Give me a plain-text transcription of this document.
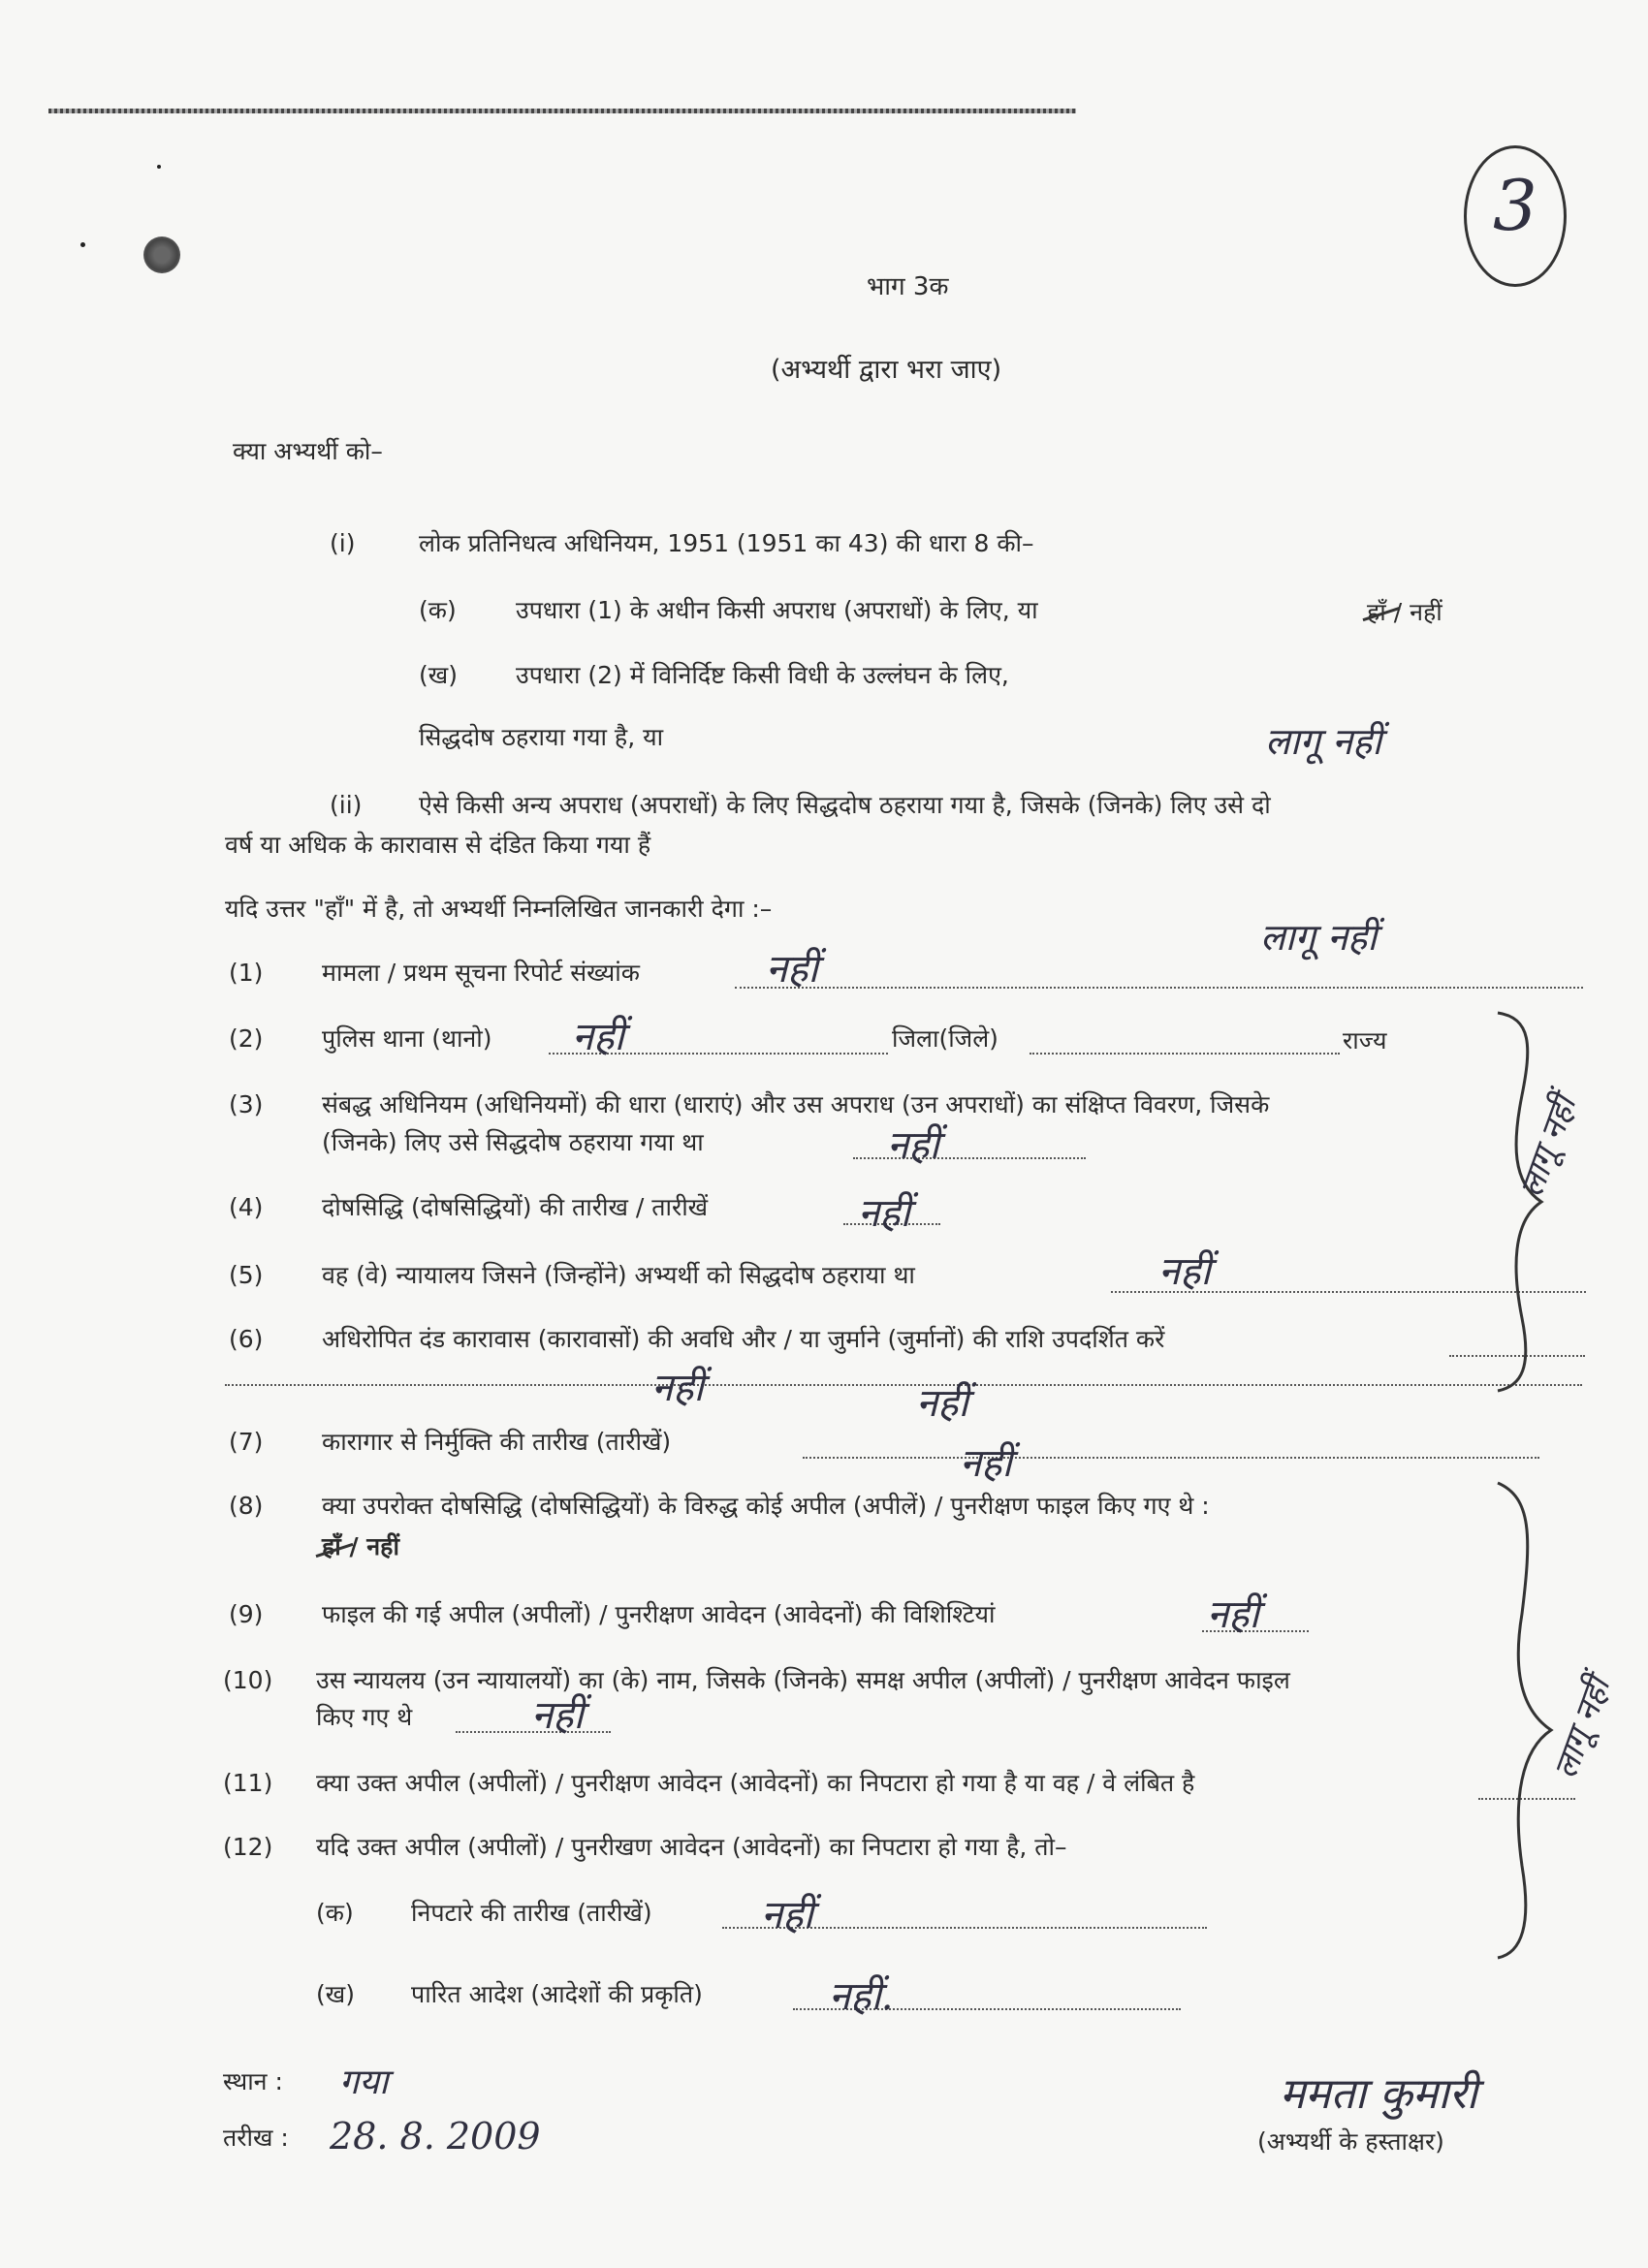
3
भाग 3क
(अभ्यर्थी द्वारा भरा जाए)
क्या अभ्यर्थी को–
(i)	लोक प्रतिनिधत्व अधिनियम, 1951 (1951 का 43) की धारा 8 की–
(क) उपधारा (1) के अधीन किसी अपराध (अपराधों) के लिए, या	हाँ / नहीं
(ख) उपधारा (2) में विनिर्दिष्ट किसी विधी के उल्लंघन के लिए,
सिद्धदोष ठहराया गया है, या	लागू नहीं
(ii) ऐसे किसी अन्य अपराध (अपराधों) के लिए सिद्धदोष ठहराया गया है, जिसके (जिनके) लिए उसे दो
वर्ष या अधिक के कारावास से दंडित किया गया हैं
यदि उत्तर "हाँ" में है, तो अभ्यर्थी निम्नलिखित जानकारी देगा :–
लागू नहीं
(1) मामला / प्रथम सूचना रिपोर्ट संख्यांक	नहीं
(2) पुलिस थाना (थानो) नहीं	जिला(जिले)	राज्य
(3) संबद्ध अधिनियम (अधिनियमों) की धारा (धाराएं) और उस अपराध (उन अपराधों) का संक्षिप्त विवरण, जिसके
(जिनके) लिए उसे सिद्धदोष ठहराया गया था	नहीं
(4) दोषसिद्धि (दोषसिद्धियों) की तारीख / तारीखें	नहीं
(5) वह (वे) न्यायालय जिसने (जिन्होंने) अभ्यर्थी को सिद्धदोष ठहराया था	नहीं
(6) अधिरोपित दंड कारावास (कारावासों) की अवधि और / या जुर्माने (जुर्मानों) की राशि उपदर्शित करें
नहीं	नहीं
(7) कारागार से निर्मुक्ति की तारीख (तारीखें)	नहीं
(8) क्या उपरोक्त दोषसिद्धि (दोषसिद्धियों) के विरुद्ध कोई अपील (अपीलें) / पुनरीक्षण फाइल किए गए थे :
हाँ / नहीं
(9) फाइल की गई अपील (अपीलों) / पुनरीक्षण आवेदन (आवेदनों) की विशिश्टियां	नहीं
(10) उस न्यायलय (उन न्यायालयों) का (के) नाम, जिसके (जिनके) समक्ष अपील (अपीलों) / पुनरीक्षण आवेदन फाइल
किए गए थे	नहीं
(11) क्या उक्त अपील (अपीलों) / पुनरीक्षण आवेदन (आवेदनों) का निपटारा हो गया है या वह / वे लंबित है
(12) यदि उक्त अपील (अपीलों) / पुनरीखण आवेदन (आवेदनों) का निपटारा हो गया है, तो–
(क) निपटारे की तारीख (तारीखें)	नहीं
(ख) पारित आदेश (आदेशों की प्रकृति)	नहीं.
लागू नहीं
लागू नहीं
स्थान : गया
तरीख : 28. 8. 2009
ममता कुमारी
(अभ्यर्थी के हस्ताक्षर)
